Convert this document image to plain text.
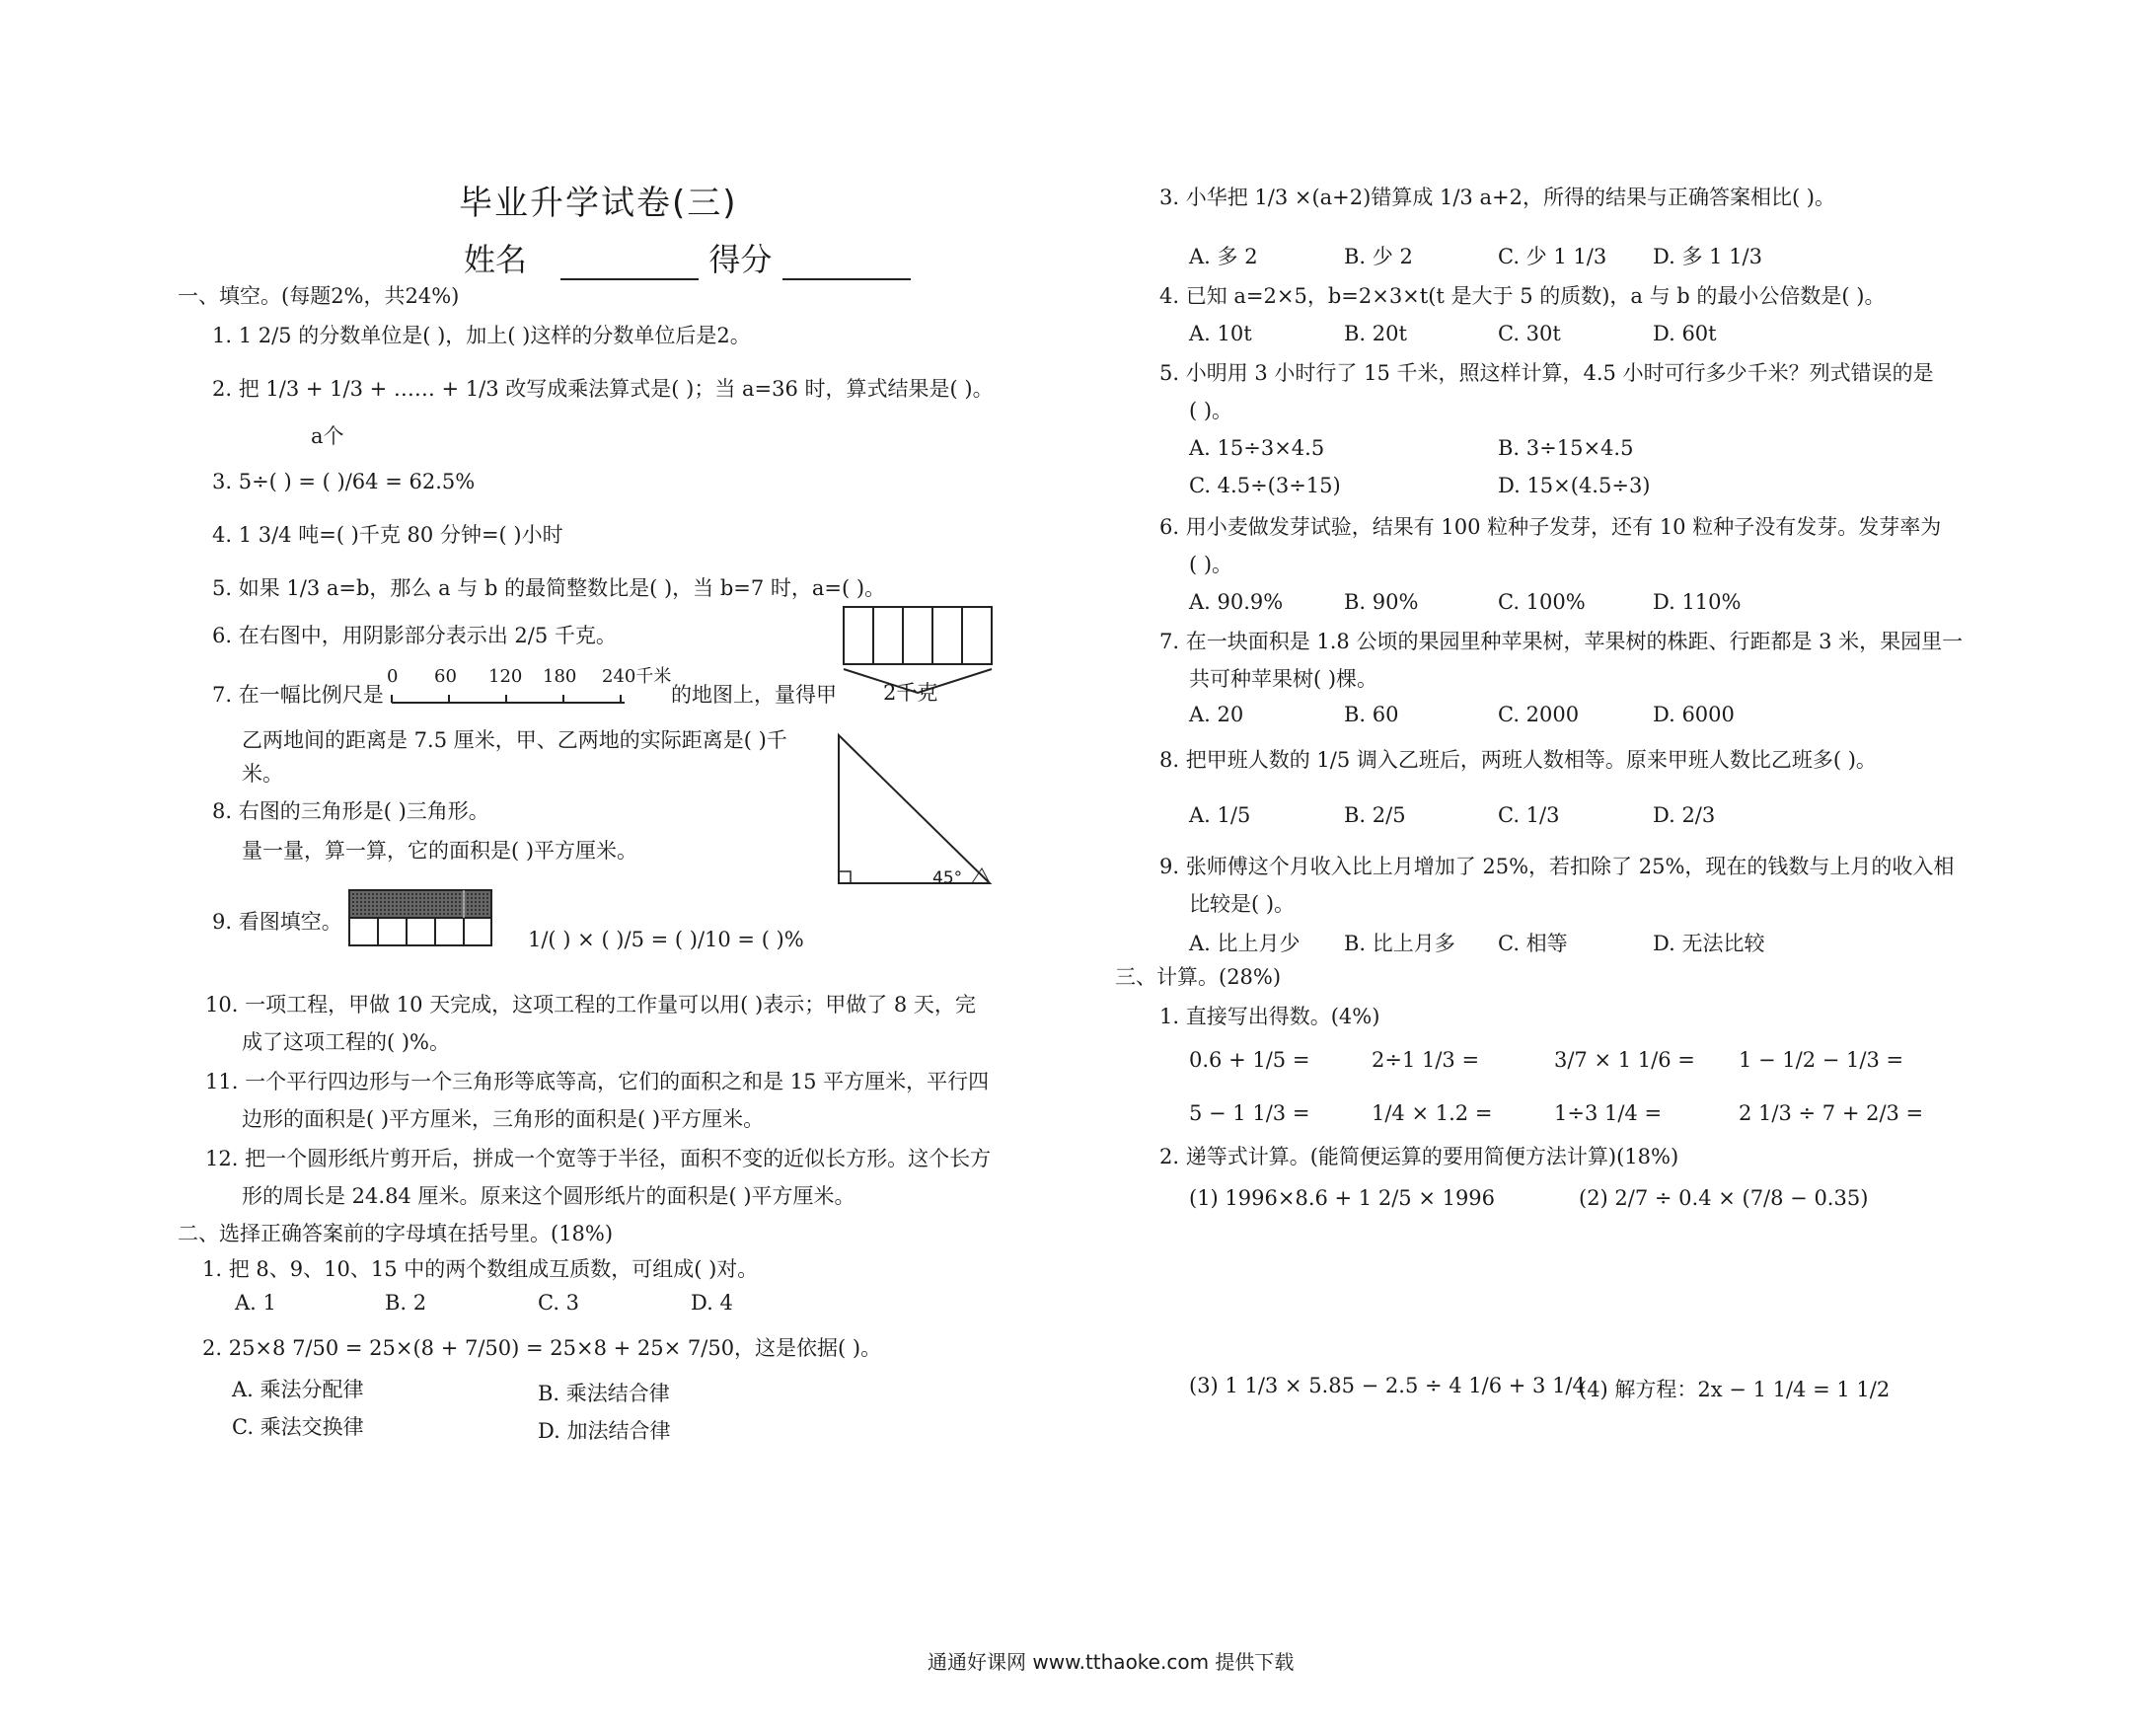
毕业升学试卷(三)
姓名	得分
一、填空。(每题2%，共24%)
1. 1 2/5 的分数单位是( )，加上( )这样的分数单位后是2。
2. 把 1/3 + 1/3 + …… + 1/3 改写成乘法算式是( )；当 a=36 时，算式结果是( )。
a个
3. 5÷( ) = ( )/64 = 62.5%
4. 1 3/4 吨=( )千克 80 分钟=( )小时
5. 如果 1/3 a=b，那么 a 与 b 的最简整数比是( )，当 b=7 时，a=( )。
6. 在右图中，用阴影部分表示出 2/5 千克。
2千克
7. 在一幅比例尺是
0 60 120 180 240千米
的地图上，量得甲
乙两地间的距离是 7.5 厘米，甲、乙两地的实际距离是( )千
米。
45°
8. 右图的三角形是( )三角形。
量一量，算一算，它的面积是( )平方厘米。
9. 看图填空。
1/( ) × ( )/5 = ( )/10 = ( )%
10. 一项工程，甲做 10 天完成，这项工程的工作量可以用( )表示；甲做了 8 天，完
成了这项工程的( )%。
11. 一个平行四边形与一个三角形等底等高，它们的面积之和是 15 平方厘米，平行四
边形的面积是( )平方厘米，三角形的面积是( )平方厘米。
12. 把一个圆形纸片剪开后，拼成一个宽等于半径，面积不变的近似长方形。这个长方
形的周长是 24.84 厘米。原来这个圆形纸片的面积是( )平方厘米。
二、选择正确答案前的字母填在括号里。(18%)
1. 把 8、9、10、15 中的两个数组成互质数，可组成( )对。
A. 1	B. 2	C. 3	D. 4
2. 25×8 7/50 = 25×(8 + 7/50) = 25×8 + 25× 7/50，这是依据( )。
A. 乘法分配律	B. 乘法结合律
C. 乘法交换律	D. 加法结合律
3. 小华把 1/3 ×(a+2)错算成 1/3 a+2，所得的结果与正确答案相比( )。
A. 多 2	B. 少 2	C. 少 1 1/3 D. 多 1 1/3
4. 已知 a=2×5，b=2×3×t(t 是大于 5 的质数)，a 与 b 的最小公倍数是( )。
A. 10t	B. 20t	C. 30t	D. 60t
5. 小明用 3 小时行了 15 千米，照这样计算，4.5 小时可行多少千米？列式错误的是
( )。
A. 15÷3×4.5	B. 3÷15×4.5
C. 4.5÷(3÷15)	D. 15×(4.5÷3)
6. 用小麦做发芽试验，结果有 100 粒种子发芽，还有 10 粒种子没有发芽。发芽率为
( )。
A. 90.9%	B. 90%	C. 100%	D. 110%
7. 在一块面积是 1.8 公顷的果园里种苹果树，苹果树的株距、行距都是 3 米，果园里一
共可种苹果树( )棵。
A. 20	B. 60	C. 2000	D. 6000
8. 把甲班人数的 1/5 调入乙班后，两班人数相等。原来甲班人数比乙班多( )。
A. 1/5	B. 2/5	C. 1/3	D. 2/3
9. 张师傅这个月收入比上月增加了 25%，若扣除了 25%，现在的钱数与上月的收入相
比较是( )。
A. 比上月少 B. 比上月多 C. 相等	D. 无法比较
三、计算。(28%)
1. 直接写出得数。(4%)
0.6 + 1/5 =	2÷1 1/3 =	3/7 × 1 1/6 = 1 − 1/2 − 1/3 =
5 − 1 1/3 =	1/4 × 1.2 =	1÷3 1/4 =	2 1/3 ÷ 7 + 2/3 =
2. 递等式计算。(能简便运算的要用简便方法计算)(18%)
(1) 1996×8.6 + 1 2/5 × 1996	(2) 2/7 ÷ 0.4 × (7/8 − 0.35)
(3) 1 1/3 × 5.85 − 2.5 ÷ 4 1/6 + 3 1/4
(4) 解方程：2x − 1 1/4 = 1 1/2
通通好课网 www.tthaoke.com 提供下载
